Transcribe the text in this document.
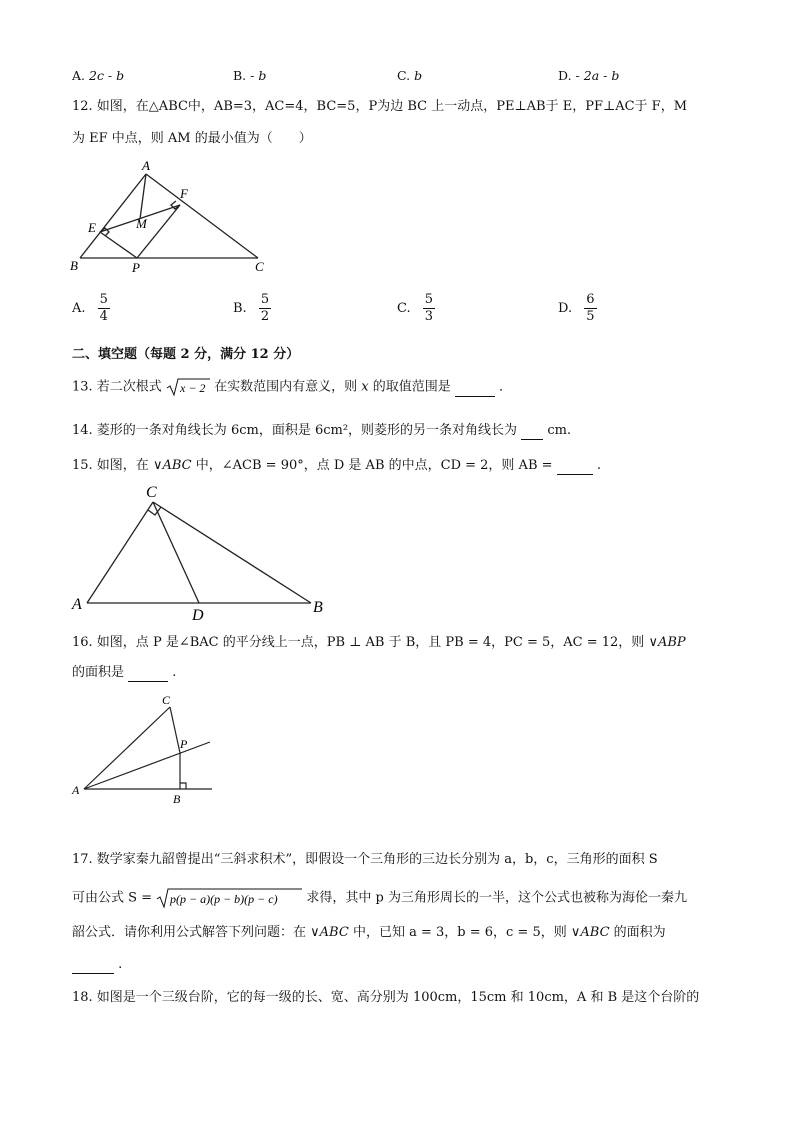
A. 2c - b	B. - b	C. b	D. - 2a - b
12. 如图，在△ABC中，AB=3，AC=4，BC=5，P为边 BC 上一动点，PE⊥AB于 E，PF⊥AC于 F，M
为 EF 中点，则 AM 的最小值为（　　）
A
F
E	M
B	P	C
A. $\frac{5}{4}$	B. $\frac{5}{2}$	C. $\frac{5}{3}$	D. $\frac{6}{5}$
二、填空题（每题 2 分，满分 12 分）
13. 若二次根式 x − 2 在实数范围内有意义，则 x 的取值范围是	．
14. 菱形的一条对角线长为 6cm，面积是 6cm²，则菱形的另一条对角线长为 cm.
15. 如图，在 ∨ABC 中，∠ACB = 90°，点 D 是 AB 的中点，CD = 2，则 AB =	.
C
A
D	B
16. 如图，点 P 是∠BAC 的平分线上一点，PB ⊥ AB 于 B，且 PB = 4，PC = 5，AC = 12，则 ∨ABP
的面积是	.
C
P
A
B
17. 数学家秦九韶曾提出“三斜求积术”，即假设一个三角形的三边长分别为 a，b，c，三角形的面积 S
可由公式 S = p(p − a)(p − b)(p − c) 求得，其中 p 为三角形周长的一半，这个公式也被称为海伦一秦九
韶公式．请你利用公式解答下列问题：在 ∨ABC 中，已知 a = 3，b = 6，c = 5，则 ∨ABC 的面积为
.
18. 如图是一个三级台阶，它的每一级的长、宽、高分别为 100cm，15cm 和 10cm，A 和 B 是这个台阶的
